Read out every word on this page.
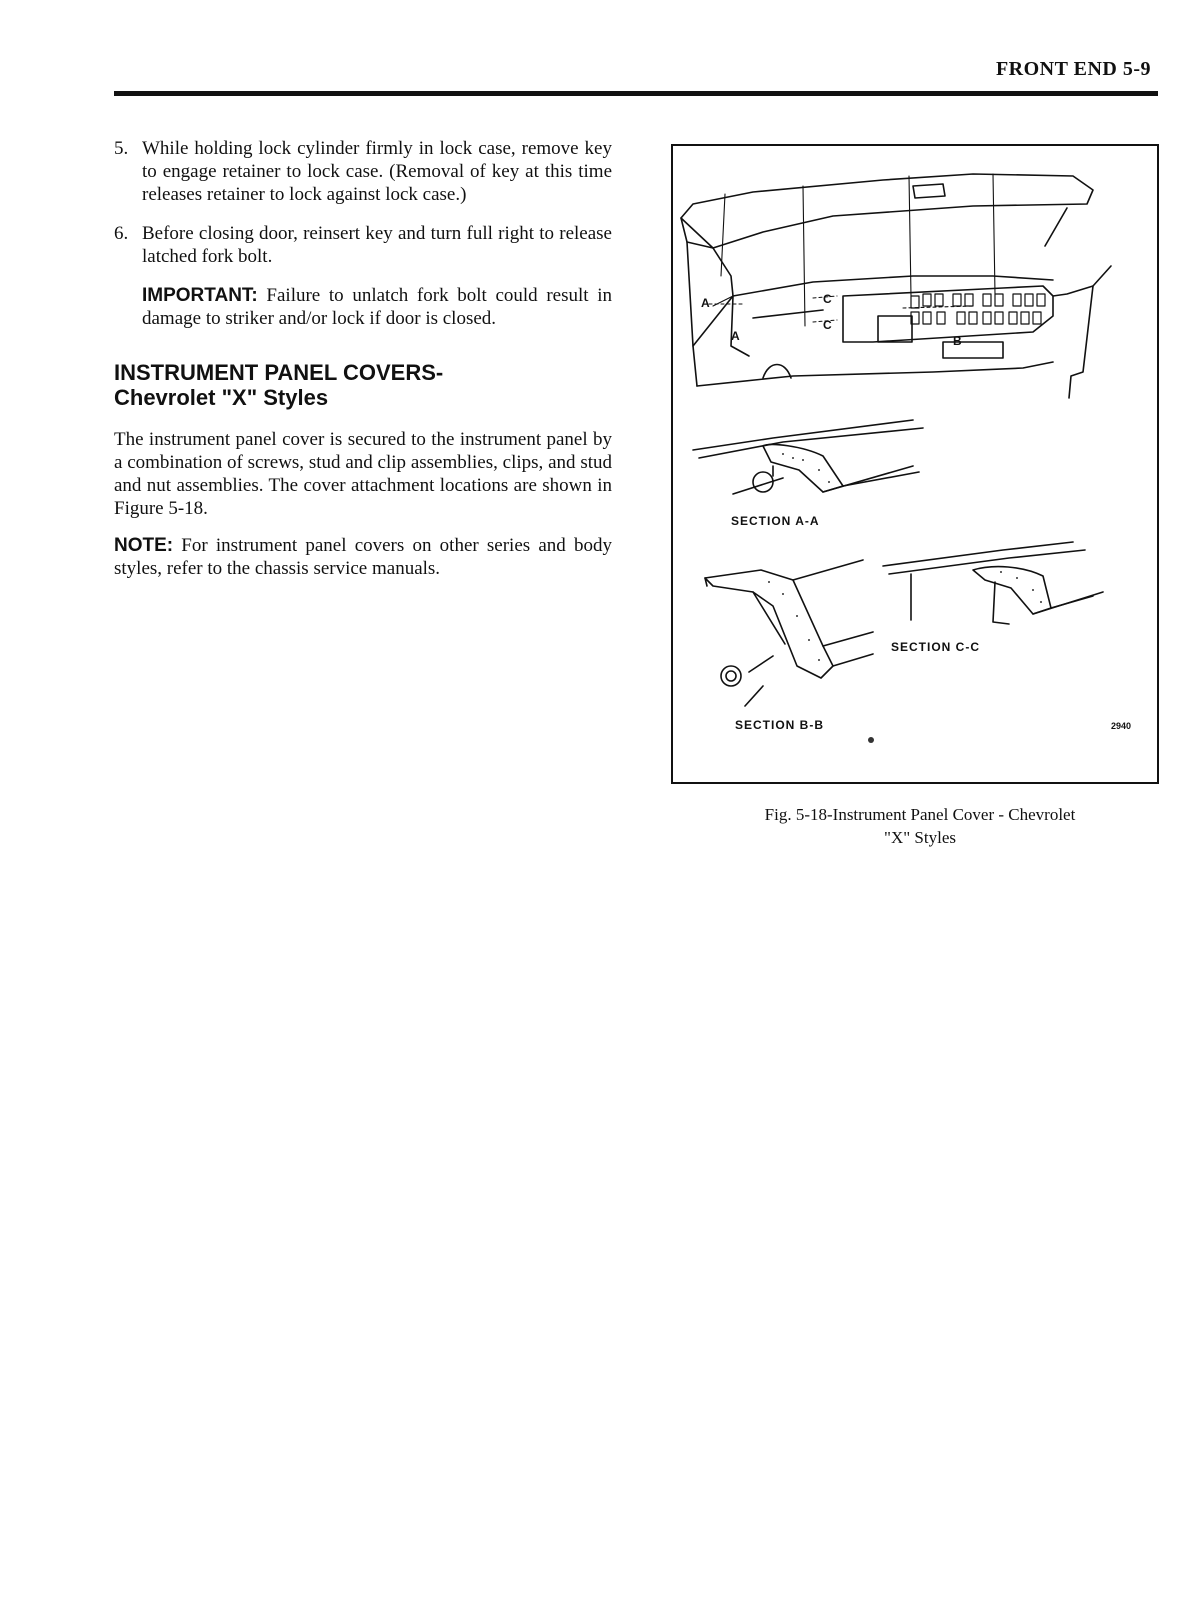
FRONT END 5-9
5. While holding lock cylinder firmly in lock case, remove key to engage retainer to lock case. (Removal of key at this time releases retainer to lock against lock case.)
6. Before closing door, reinsert key and turn full right to release latched fork bolt.
IMPORTANT: Failure to unlatch fork bolt could result in damage to striker and/or lock if door is closed.
INSTRUMENT PANEL COVERS-
Chevrolet "X" Styles
The instrument panel cover is secured to the instrument panel by a combination of screws, stud and clip assemblies, clips, and stud and nut assemblies. The cover attachment locations are shown in Figure 5-18.
NOTE: For instrument panel covers on other series and body styles, refer to the chassis service manuals.
A
A
C
C
B
SECTION A-A
SECTION C-C
SECTION B-B	2940
Fig. 5-18-Instrument Panel Cover - Chevrolet
"X" Styles
